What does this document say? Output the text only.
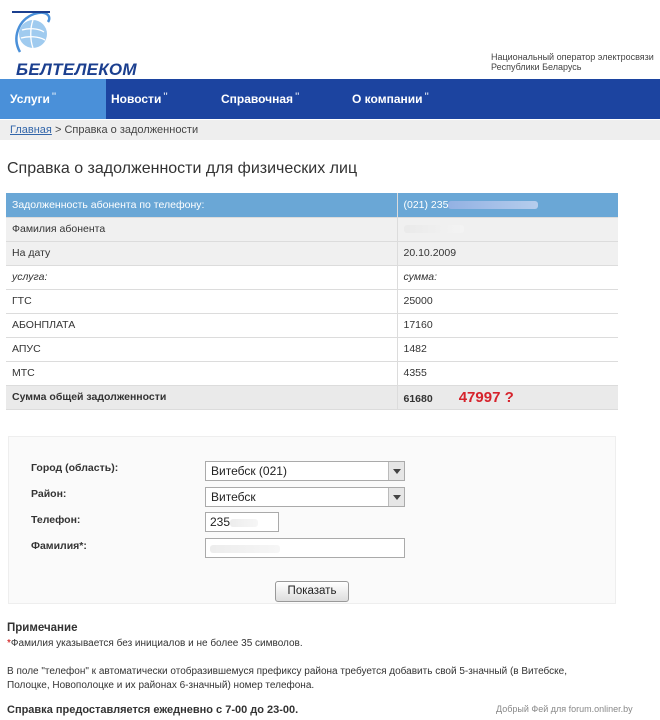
БЕЛТЕЛЕКОМ
Национальный оператор электросвязи
Республики Беларусь
Услуги ''	Новости ''	Справочная ''	О компании ''
Главная > Справка о задолженности
Справка о задолженности для физических лиц
Задолженность абонента по телефону:	(021) 235
Фамилия абонента	
На дату	20.10.2009
услуга:	сумма:
ГТС	25000
АБОНПЛАТА	17160
АПУС	1482
МТС	4355
Сумма общей задолженности	61680 47997 ?
Город (область):	Витебск (021)
Район:	Витебск
Телефон:	235
Фамилия*:
Показать
Примечание
*Фамилия указывается без инициалов и не более 35 символов.
В поле "телефон" к автоматически отобразившемуся префиксу района требуется добавить свой 5-значный (в Витебске, Полоцке, Новополоцке и их районах 6-значный) номер телефона.
Справка предоставляется ежедневно с 7-00 до 23-00.	Добрый Фей для forum.onliner.by
